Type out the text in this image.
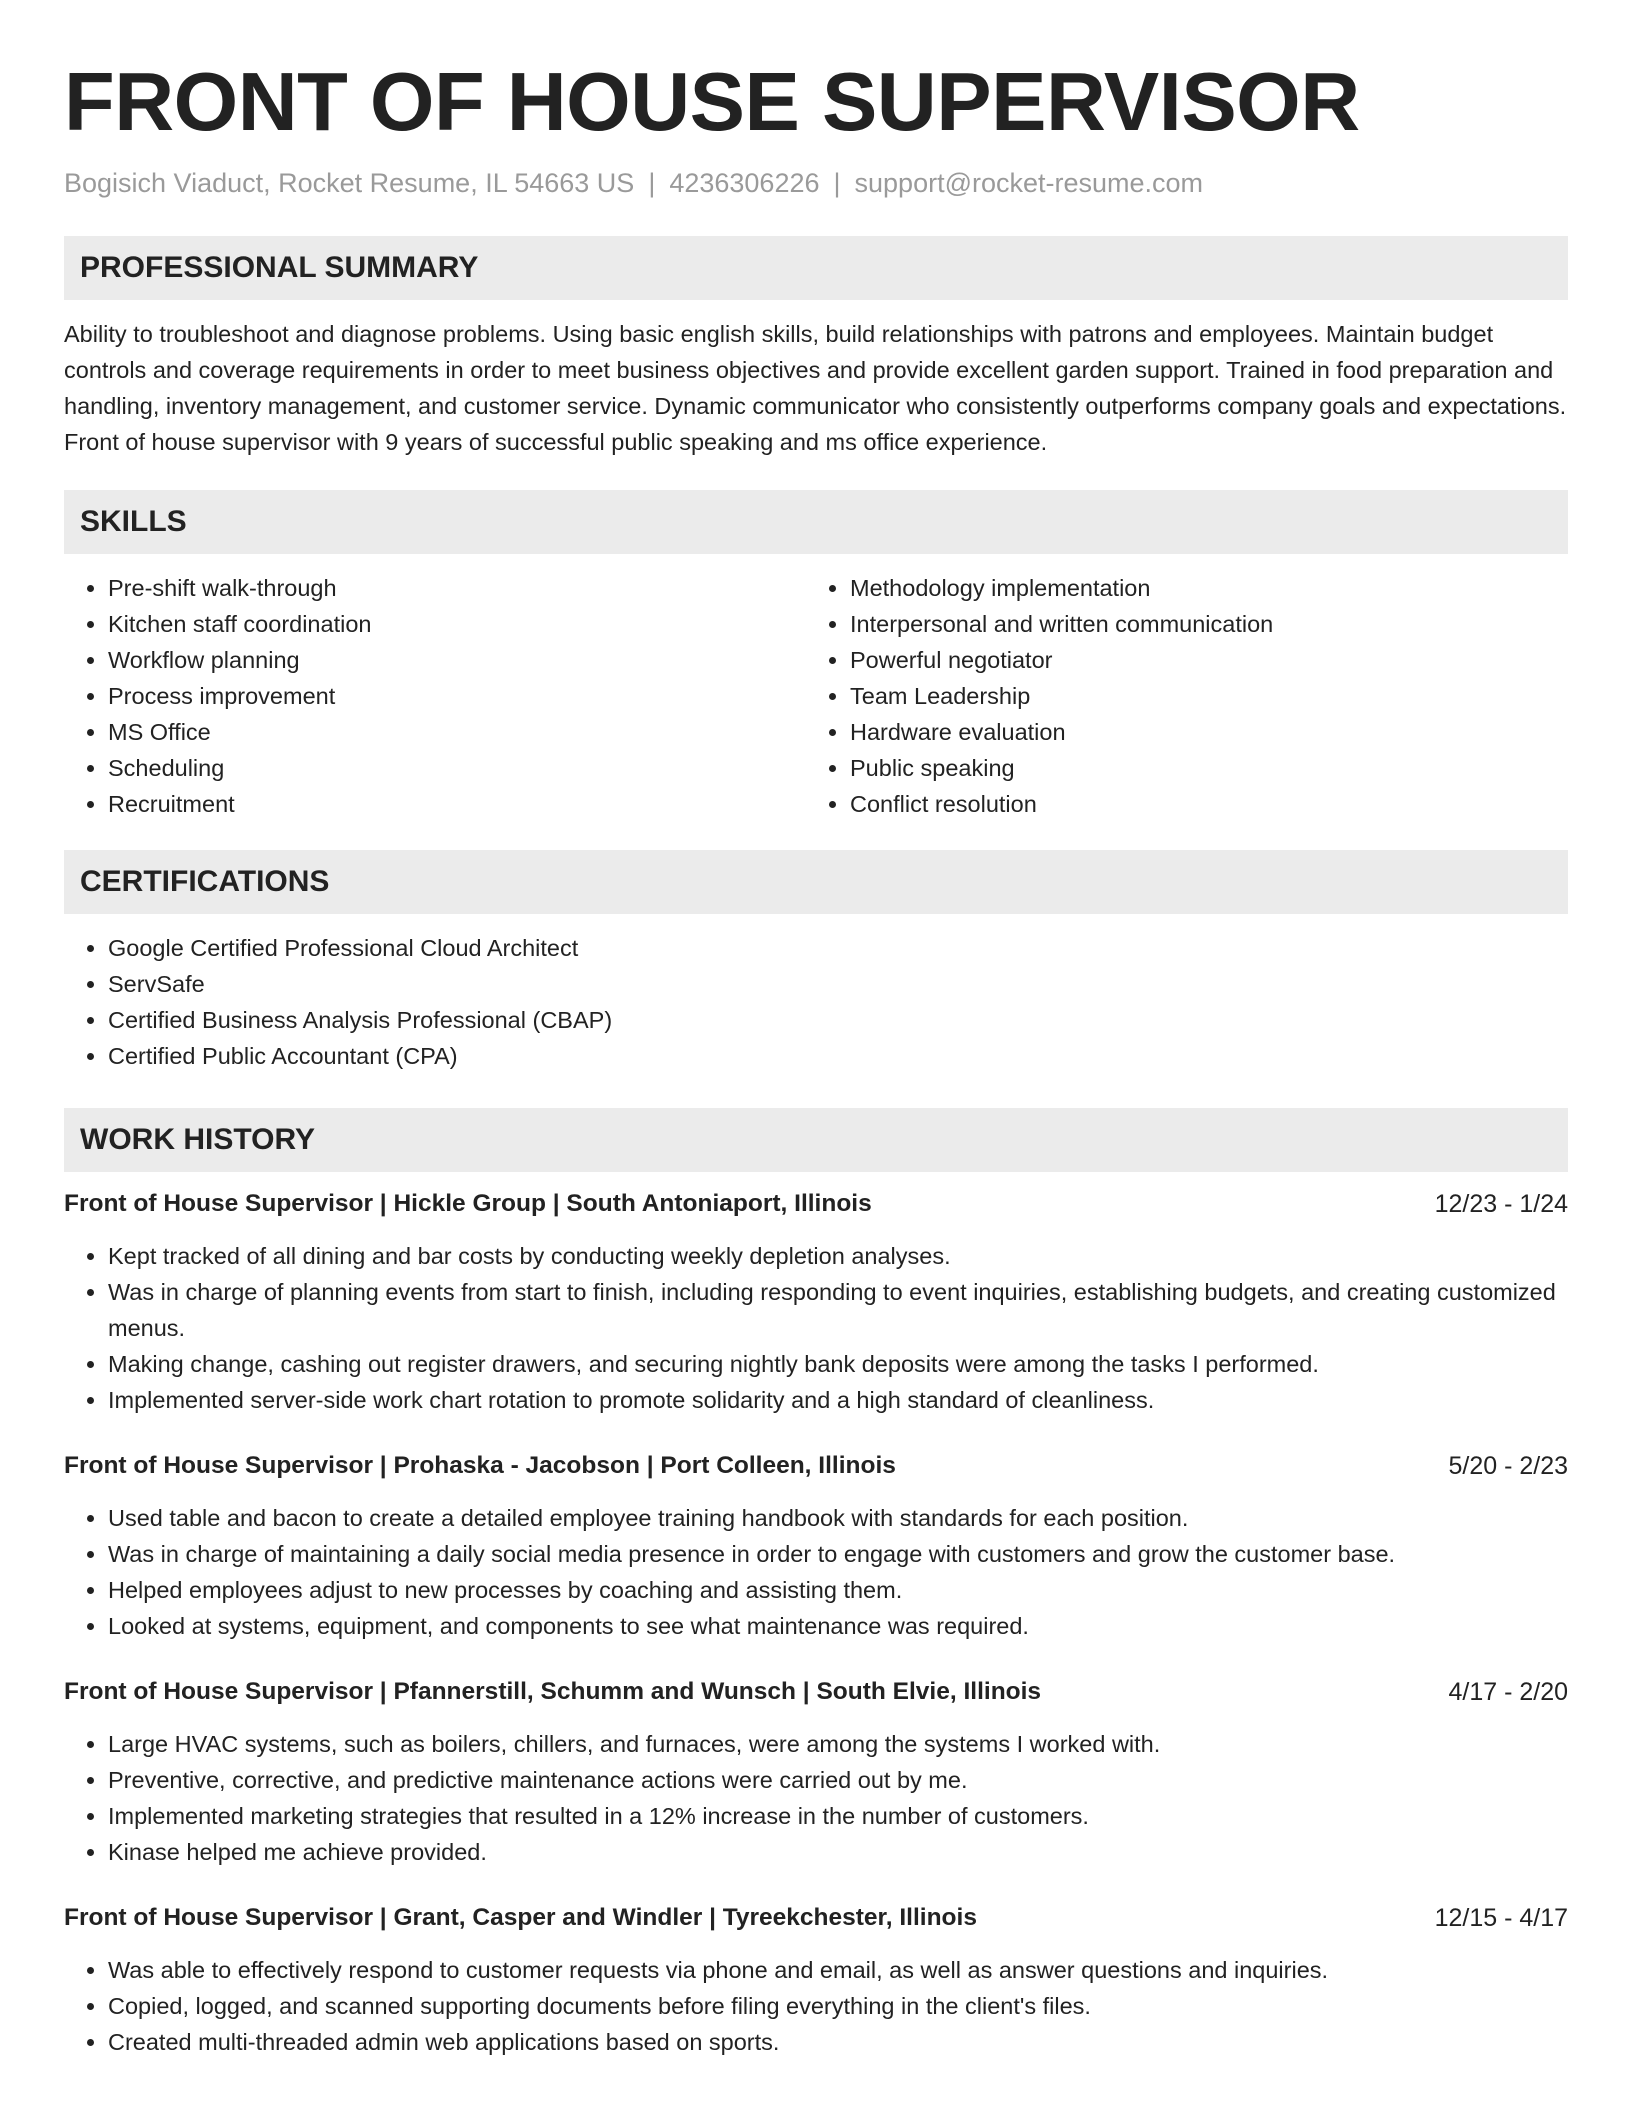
FRONT OF HOUSE SUPERVISOR
Bogisich Viaduct, Rocket Resume, IL 54663 US | 4236306226 | support@rocket-resume.com
PROFESSIONAL SUMMARY
Ability to troubleshoot and diagnose problems. Using basic english skills, build relationships with patrons and employees. Maintain budget controls and coverage requirements in order to meet business objectives and provide excellent garden support. Trained in food preparation and handling, inventory management, and customer service. Dynamic communicator who consistently outperforms company goals and expectations. Front of house supervisor with 9 years of successful public speaking and ms office experience.
SKILLS
• Pre-shift walk-through
• Kitchen staff coordination
• Workflow planning
• Process improvement
• MS Office
• Scheduling
• Recruitment
• Methodology implementation
• Interpersonal and written communication
• Powerful negotiator
• Team Leadership
• Hardware evaluation
• Public speaking
• Conflict resolution
CERTIFICATIONS
• Google Certified Professional Cloud Architect
• ServSafe
• Certified Business Analysis Professional (CBAP)
• Certified Public Accountant (CPA)
WORK HISTORY
Front of House Supervisor | Hickle Group | South Antoniaport, Illinois	12/23 - 1/24
• Kept tracked of all dining and bar costs by conducting weekly depletion analyses.
• Was in charge of planning events from start to finish, including responding to event inquiries, establishing budgets, and creating customized menus.
• Making change, cashing out register drawers, and securing nightly bank deposits were among the tasks I performed.
• Implemented server-side work chart rotation to promote solidarity and a high standard of cleanliness.
Front of House Supervisor | Prohaska - Jacobson | Port Colleen, Illinois	5/20 - 2/23
• Used table and bacon to create a detailed employee training handbook with standards for each position.
• Was in charge of maintaining a daily social media presence in order to engage with customers and grow the customer base.
• Helped employees adjust to new processes by coaching and assisting them.
• Looked at systems, equipment, and components to see what maintenance was required.
Front of House Supervisor | Pfannerstill, Schumm and Wunsch | South Elvie, Illinois	4/17 - 2/20
• Large HVAC systems, such as boilers, chillers, and furnaces, were among the systems I worked with.
• Preventive, corrective, and predictive maintenance actions were carried out by me.
• Implemented marketing strategies that resulted in a 12% increase in the number of customers.
• Kinase helped me achieve provided.
Front of House Supervisor | Grant, Casper and Windler | Tyreekchester, Illinois	12/15 - 4/17
• Was able to effectively respond to customer requests via phone and email, as well as answer questions and inquiries.
• Copied, logged, and scanned supporting documents before filing everything in the client's files.
• Created multi-threaded admin web applications based on sports.
